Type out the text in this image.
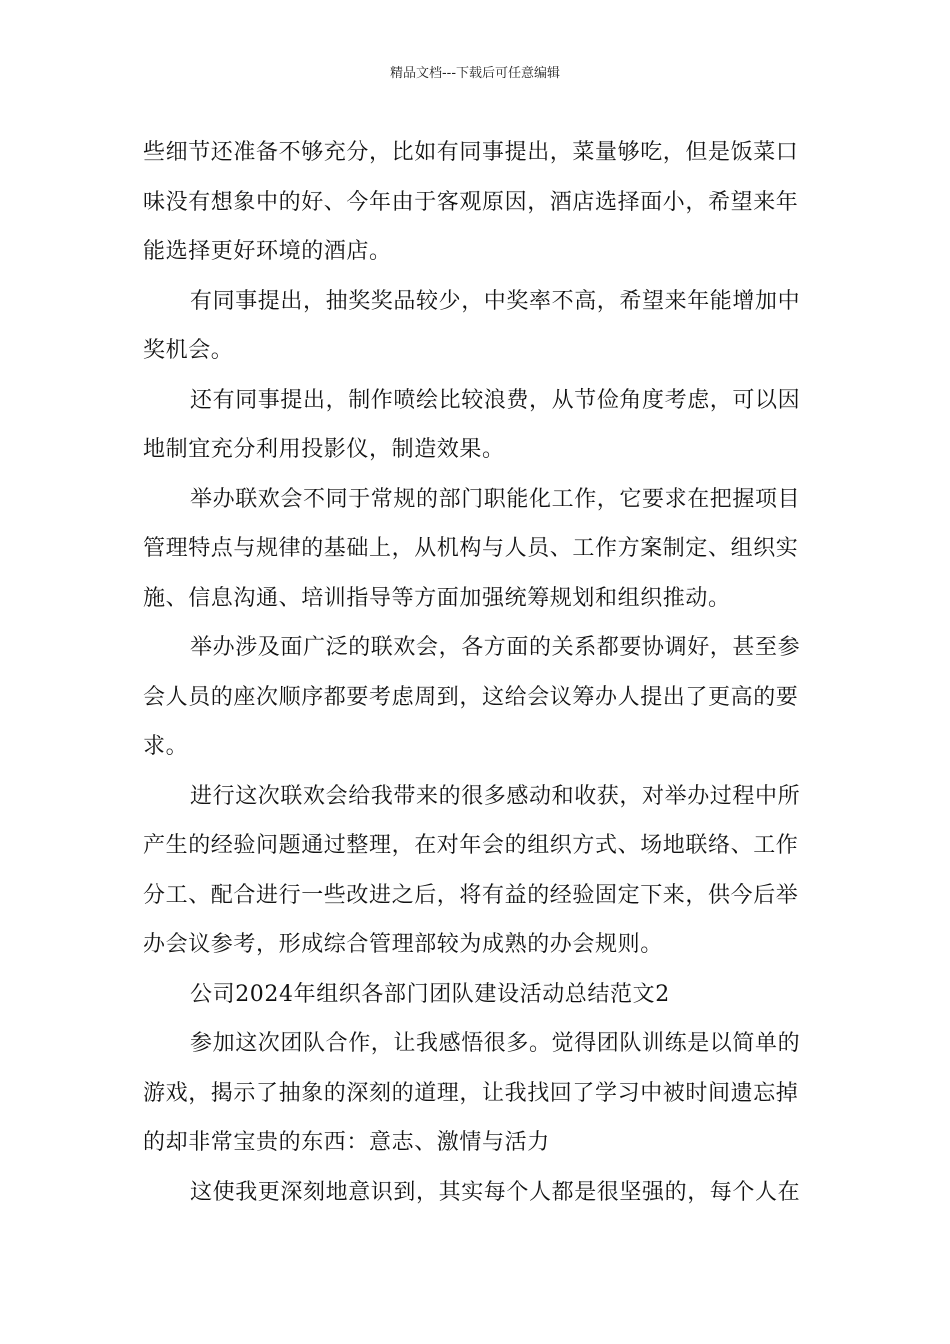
精品文档---下载后可任意编辑
些细节还准备不够充分，比如有同事提出，菜量够吃，但是饭菜口
味没有想象中的好、今年由于客观原因，酒店选择面小，希望来年
能选择更好环境的酒店。
有同事提出，抽奖奖品较少，中奖率不高，希望来年能增加中
奖机会。
还有同事提出，制作喷绘比较浪费，从节俭角度考虑，可以因
地制宜充分利用投影仪，制造效果。
举办联欢会不同于常规的部门职能化工作，它要求在把握项目
管理特点与规律的基础上，从机构与人员、工作方案制定、组织实
施、信息沟通、培训指导等方面加强统筹规划和组织推动。
举办涉及面广泛的联欢会，各方面的关系都要协调好，甚至参
会人员的座次顺序都要考虑周到，这给会议筹办人提出了更高的要
求。
进行这次联欢会给我带来的很多感动和收获，对举办过程中所
产生的经验问题通过整理，在对年会的组织方式、场地联络、工作
分工、配合进行一些改进之后，将有益的经验固定下来，供今后举
办会议参考，形成综合管理部较为成熟的办会规则。
公司2024年组织各部门团队建设活动总结范文2
参加这次团队合作，让我感悟很多。觉得团队训练是以简单的
游戏，揭示了抽象的深刻的道理，让我找回了学习中被时间遗忘掉
的却非常宝贵的东西：意志、激情与活力
这使我更深刻地意识到，其实每个人都是很坚强的，每个人在
